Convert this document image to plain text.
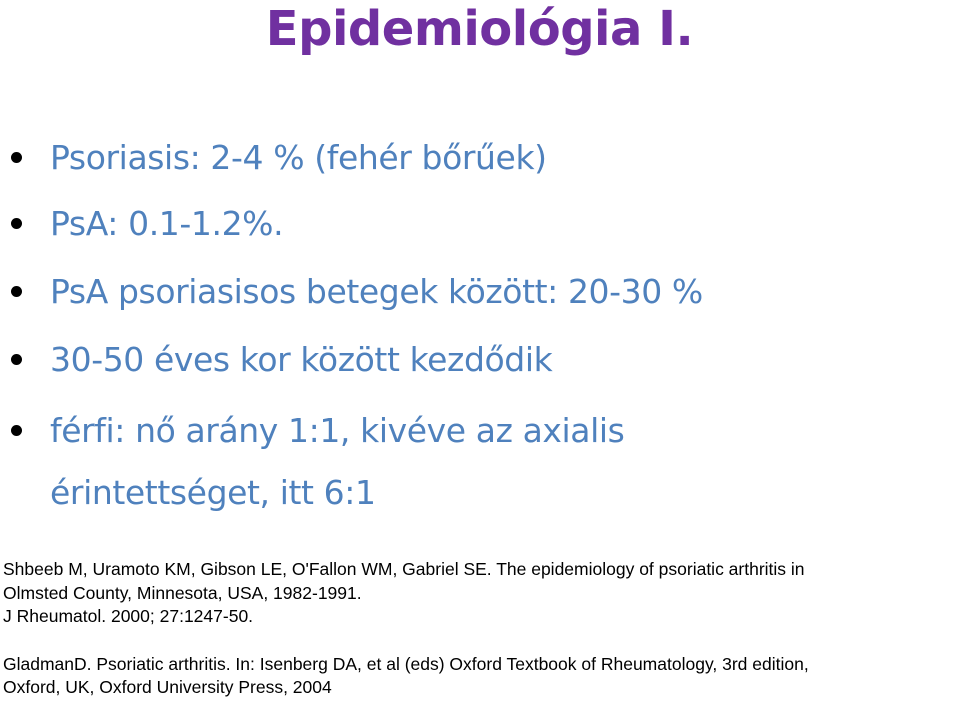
Epidemiológia I.
Psoriasis: 2-4 % (fehér bőrűek)
PsA: 0.1-1.2%.
PsA psoriasisos betegek között: 20-30 %
30-50 éves kor között kezdődik
férfi: nő arány 1:1, kivéve az axialis
érintettséget, itt 6:1
Shbeeb M, Uramoto KM, Gibson LE, O'Fallon WM, Gabriel SE. The epidemiology of psoriatic arthritis in
Olmsted County, Minnesota, USA, 1982-1991.
J Rheumatol. 2000; 27:1247-50.
GladmanD. Psoriatic arthritis. In: Isenberg DA, et al (eds) Oxford Textbook of Rheumatology, 3rd edition,
Oxford, UK, Oxford University Press, 2004
